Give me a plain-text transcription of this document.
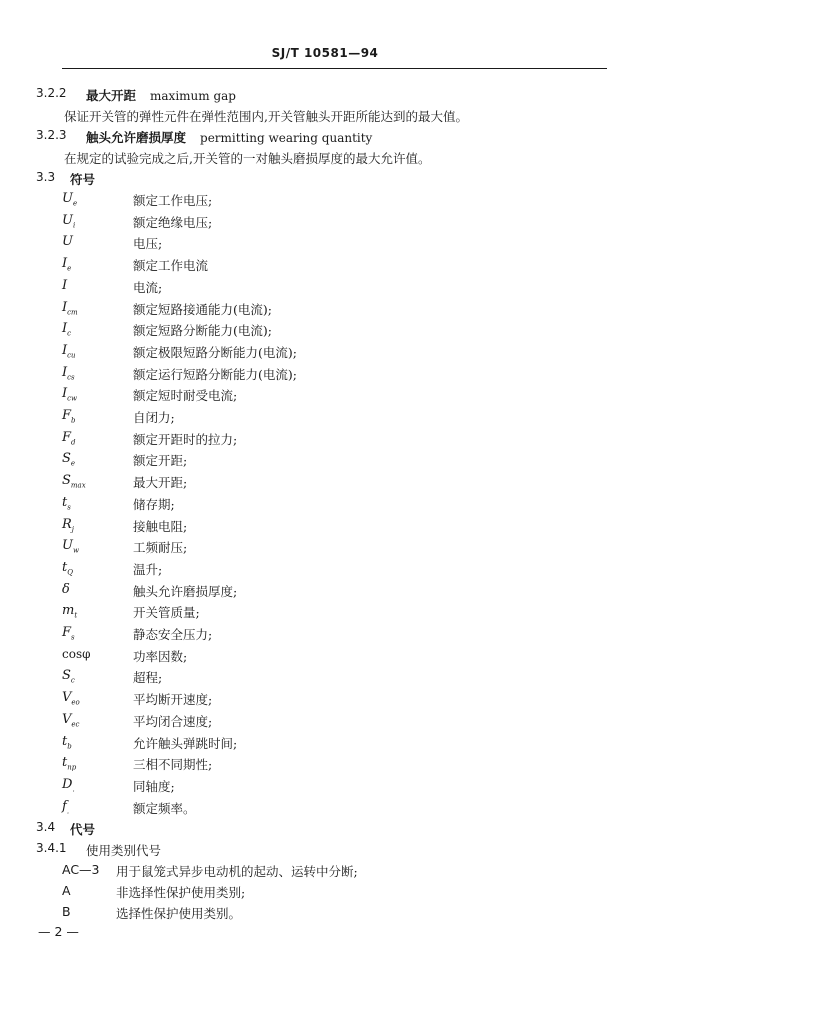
SJ/T 10581—94
3.2.2 最大开距 maximum gap
保证开关管的弹性元件在弹性范围内,开关管触头开距所能达到的最大值。
3.2.3 触头允许磨损厚度 permitting wearing quantity
在规定的试验完成之后,开关管的一对触头磨损厚度的最大允许值。
3.3 符号
$U_e$	额定工作电压;
$U_i$	额定绝缘电压;
U	电压;
$I_e$	额定工作电流
I	电流;
$I_{cm}$	额定短路接通能力(电流);
$I_c$	额定短路分断能力(电流);
$I_{cu}$	额定极限短路分断能力(电流);
$I_{cs}$	额定运行短路分断能力(电流);
$I_{cw}$	额定短时耐受电流;
$F_b$	自闭力;
$F_d$	额定开距时的拉力;
$S_e$	额定开距;
$S_{max}$	最大开距;
$t_s$	储存期;
$R_j$	接触电阻;
$U_w$	工频耐压;
$t_Q$	温升;
δ	触头允许磨损厚度;
$m_t$	开关管质量;
$F_s$	静态安全压力;
cosφ	功率因数;
$S_c$	超程;
$V_{eo}$	平均断开速度;
$V_{ec}$	平均闭合速度;
$t_b$	允许触头弹跳时间;
$t_{np}$	三相不同期性;
$D_.$	同轴度;
$f_.$	额定频率。
3.4 代号
3.4.1 使用类别代号
AC—3 用于鼠笼式异步电动机的起动、运转中分断;
A	非选择性保护使用类别;
B	选择性保护使用类别。
— 2 —
